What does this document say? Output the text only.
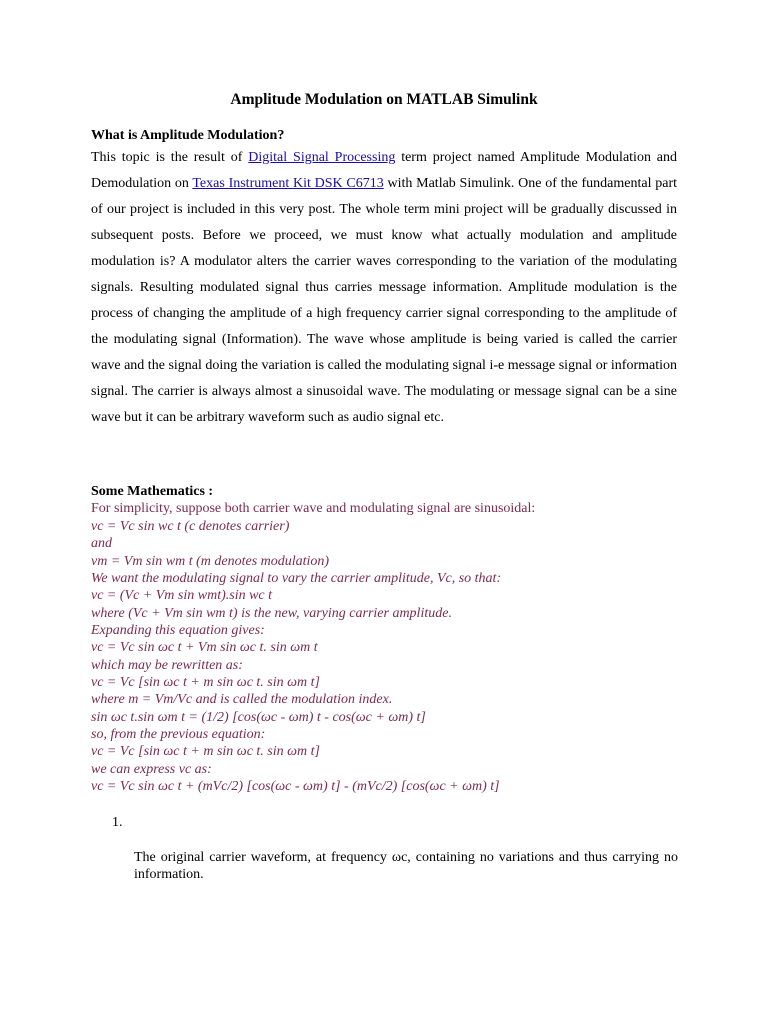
Amplitude Modulation on MATLAB Simulink
What is Amplitude Modulation?

This topic is the result of Digital Signal Processing term project named Amplitude Modulation and Demodulation on Texas Instrument Kit DSK C6713 with Matlab Simulink. One of the fundamental part of our project is included in this very post. The whole term mini project will be gradually discussed in subsequent posts. Before we proceed, we must know what actually modulation and amplitude modulation is? A modulator alters the carrier waves corresponding to the variation of the modulating signals. Resulting modulated signal thus carries message information. Amplitude modulation is the process of changing the amplitude of a high frequency carrier signal corresponding to the amplitude of the modulating signal (Information). The wave whose amplitude is being varied is called the carrier wave and the signal doing the variation is called the modulating signal i-e message signal or information signal. The carrier is always almost a sinusoidal wave. The modulating or message signal can be a sine wave but it can be arbitrary waveform such as audio signal etc.

Some Mathematics :

For simplicity, suppose both carrier wave and modulating signal are sinusoidal:

vc = Vc sin wc t (c denotes carrier)
and
vm = Vm sin wm t (m denotes modulation)
We want the modulating signal to vary the carrier amplitude, Vc, so that:
vc = (Vc + Vm sin wmt).sin wc t
where (Vc + Vm sin wm t) is the new, varying carrier amplitude.
Expanding this equation gives:
vc = Vc sin ωc t + Vm sin ωc t. sin ωm t
which may be rewritten as:
vc = Vc [sin ωc t + m sin ωc t. sin ωm t]
where m = Vm/Vc and is called the modulation index.
sin ωc t.sin ωm t = (1/2) [cos(ωc - ωm) t - cos(ωc + ωm) t]
so, from the previous equation:
vc = Vc [sin ωc t + m sin ωc t. sin ωm t]
we can express vc as:
vc = Vc sin ωc t + (mVc/2) [cos(ωc - ωm) t] - (mVc/2) [cos(ωc + ωm) t]

1.

The original carrier waveform, at frequency ωc, containing no variations and thus carrying no information.
